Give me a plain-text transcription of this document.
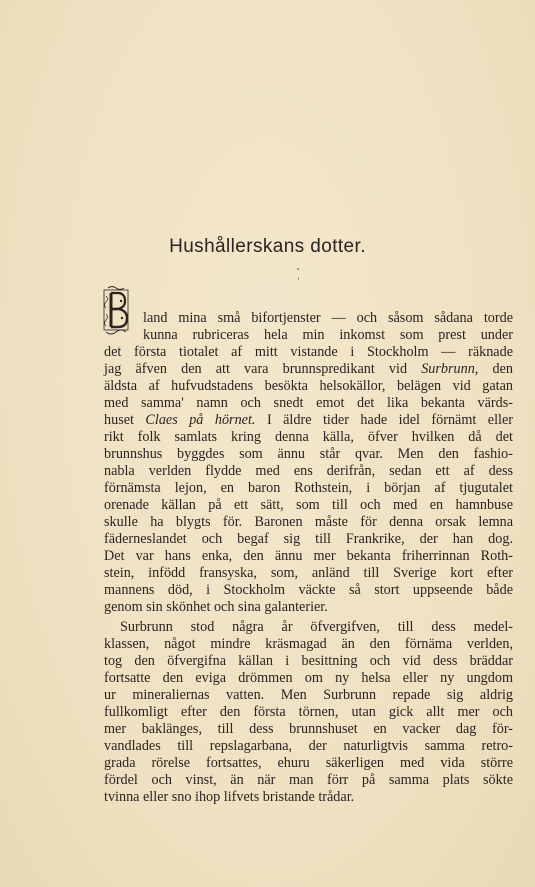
Hushållerskans dotter.
land mina små bifortjenster — och såsom sådana torde
kunna rubriceras hela min inkomst som prest under
det första tiotalet af mitt vistande i Stockholm — räknade
jag äfven den att vara brunnspredikant vid Surbrunn, den
äldsta af hufvudstadens besökta helsokällor, belägen vid gatan
med samma' namn och snedt emot det lika bekanta värds-
huset Claes på hörnet. I äldre tider hade idel förnämt eller
rikt folk samlats kring denna källa, öfver hvilken då det
brunnshus byggdes som ännu står qvar. Men den fashio-
nabla verlden flydde med ens derifrån, sedan ett af dess
förnämsta lejon, en baron Rothstein, i början af tjugutalet
orenade källan på ett sätt, som till och med en hamnbuse
skulle ha blygts för. Baronen måste för denna orsak lemna
fäderneslandet och begaf sig till Frankrike, der han dog.
Det var hans enka, den ännu mer bekanta friherrinnan Roth-
stein, infödd fransyska, som, anländ till Sverige kort efter
mannens död, i Stockholm väckte så stort uppseende både
genom sin skönhet och sina galanterier.
Surbrunn stod några år öfvergifven, till dess medel-
klassen, något mindre kräsmagad än den förnäma verlden,
tog den öfvergifna källan i besittning och vid dess bräddar
fortsatte den eviga drömmen om ny helsa eller ny ungdom
ur mineraliernas vatten. Men Surbrunn repade sig aldrig
fullkomligt efter den första törnen, utan gick allt mer och
mer baklänges, till dess brunnshuset en vacker dag för-
vandlades till repslagarbana, der naturligtvis samma retro-
grada rörelse fortsattes, ehuru säkerligen med vida större
fördel och vinst, än när man förr på samma plats sökte
tvinna eller sno ihop lifvets bristande trådar.
